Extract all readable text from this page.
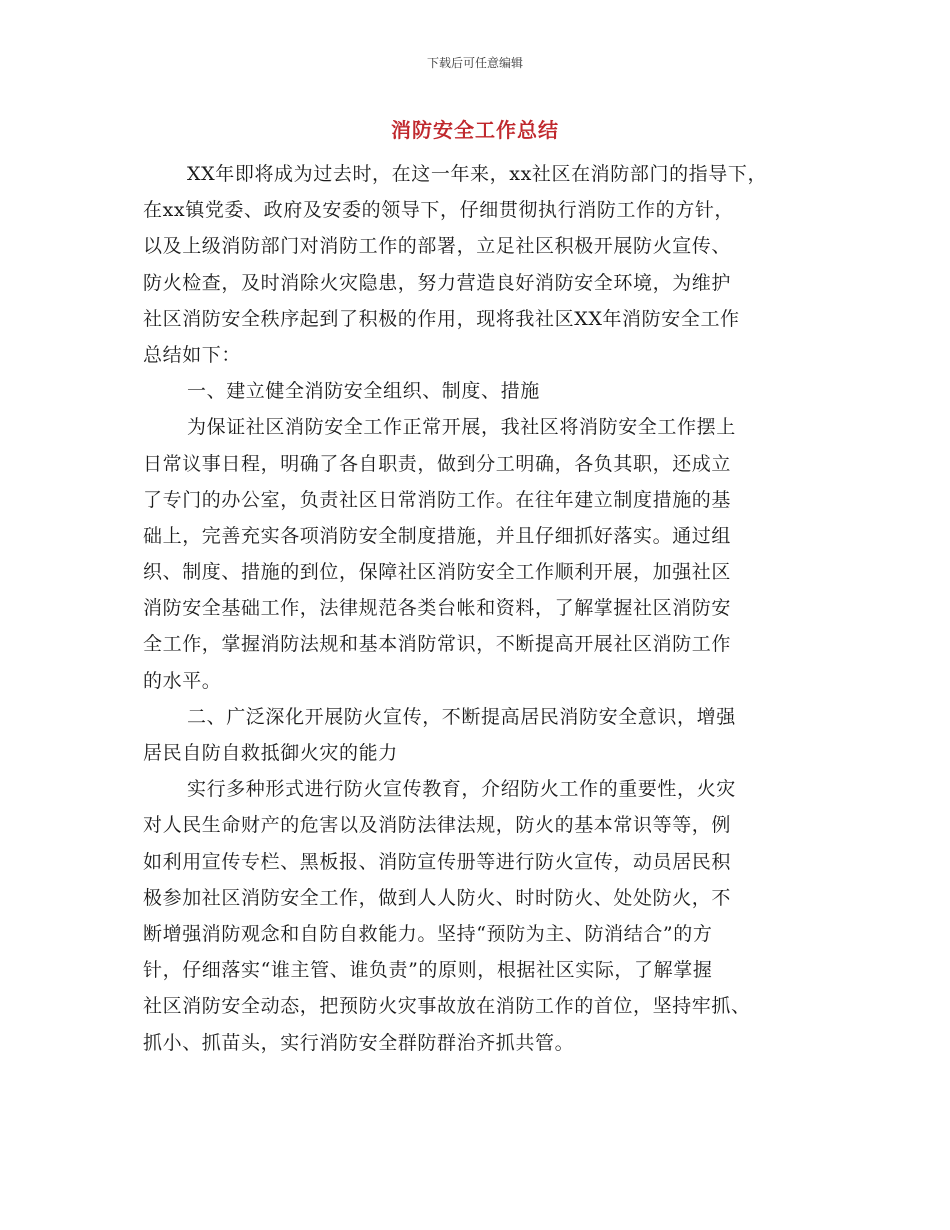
下载后可任意编辑
消防安全工作总结
XX年即将成为过去时，在这一年来，xx社区在消防部门的指导下，
在xx镇党委、政府及安委的领导下，仔细贯彻执行消防工作的方针，
以及上级消防部门对消防工作的部署，立足社区积极开展防火宣传、
防火检查，及时消除火灾隐患，努力营造良好消防安全环境，为维护
社区消防安全秩序起到了积极的作用，现将我社区XX年消防安全工作
总结如下：
一、建立健全消防安全组织、制度、措施
为保证社区消防安全工作正常开展，我社区将消防安全工作摆上
日常议事日程，明确了各自职责，做到分工明确，各负其职，还成立
了专门的办公室，负责社区日常消防工作。在往年建立制度措施的基
础上，完善充实各项消防安全制度措施，并且仔细抓好落实。通过组
织、制度、措施的到位，保障社区消防安全工作顺利开展，加强社区
消防安全基础工作，法律规范各类台帐和资料，了解掌握社区消防安
全工作，掌握消防法规和基本消防常识，不断提高开展社区消防工作
的水平。
二、广泛深化开展防火宣传，不断提高居民消防安全意识，增强
居民自防自救抵御火灾的能力
实行多种形式进行防火宣传教育，介绍防火工作的重要性，火灾
对人民生命财产的危害以及消防法律法规，防火的基本常识等等，例
如利用宣传专栏、黑板报、消防宣传册等进行防火宣传，动员居民积
极参加社区消防安全工作，做到人人防火、时时防火、处处防火，不
断增强消防观念和自防自救能力。坚持“预防为主、防消结合”的方
针，仔细落实“谁主管、谁负责”的原则，根据社区实际，了解掌握
社区消防安全动态，把预防火灾事故放在消防工作的首位，坚持牢抓、
抓小、抓苗头，实行消防安全群防群治齐抓共管。
